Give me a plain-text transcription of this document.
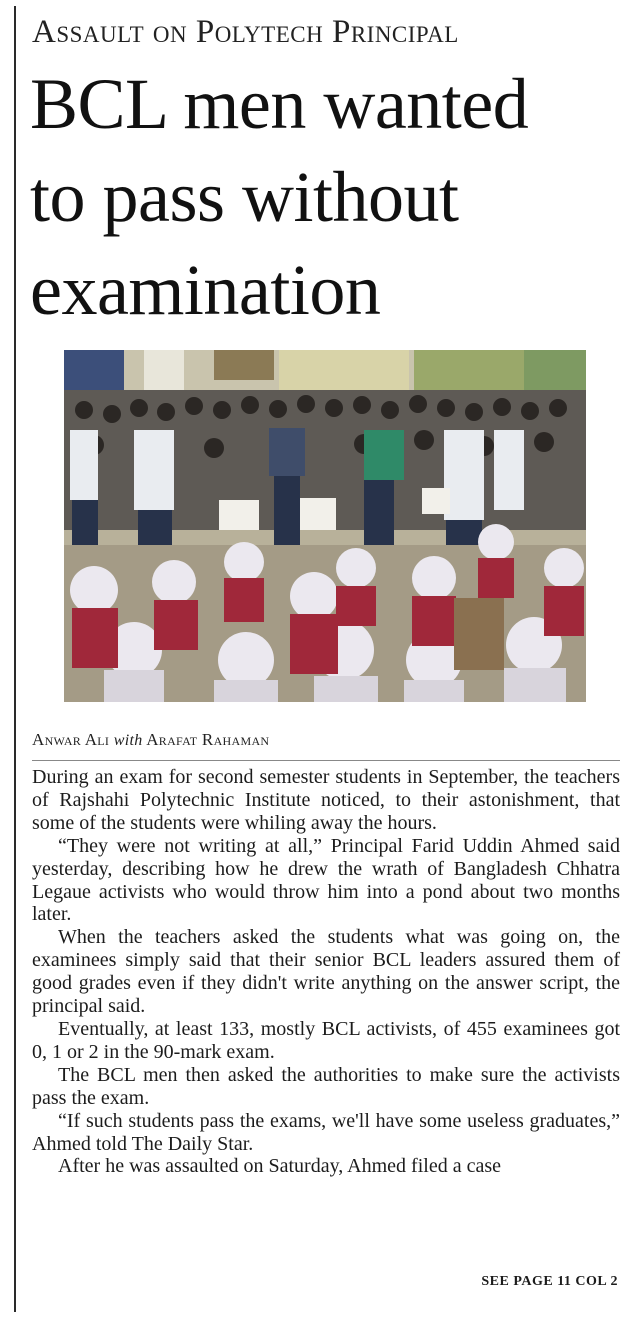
Assault on Polytech Principal
BCL men wanted
to pass without
examination
Anwar Ali with Arafat Rahaman

During an exam for second semester students in September, the teachers of Rajshahi Polytechnic Institute noticed, to their astonishment, that some of the students were whiling away the hours.

“They were not writing at all,” Principal Farid Uddin Ahmed said yesterday, describing how he drew the wrath of Bangladesh Chhatra Legaue activists who would throw him into a pond about two months later.

When the teachers asked the students what was going on, the examinees simply said that their senior BCL leaders assured them of good grades even if they didn't write anything on the answer script, the principal said.

Eventually, at least 133, mostly BCL activists, of 455 examinees got 0, 1 or 2 in the 90-mark exam.

The BCL men then asked the authorities to make sure the activists pass the exam.

“If such students pass the exams, we'll have some useless graduates,” Ahmed told The Daily Star.

After he was assaulted on Saturday, Ahmed filed a case

SEE PAGE 11 COL 2
